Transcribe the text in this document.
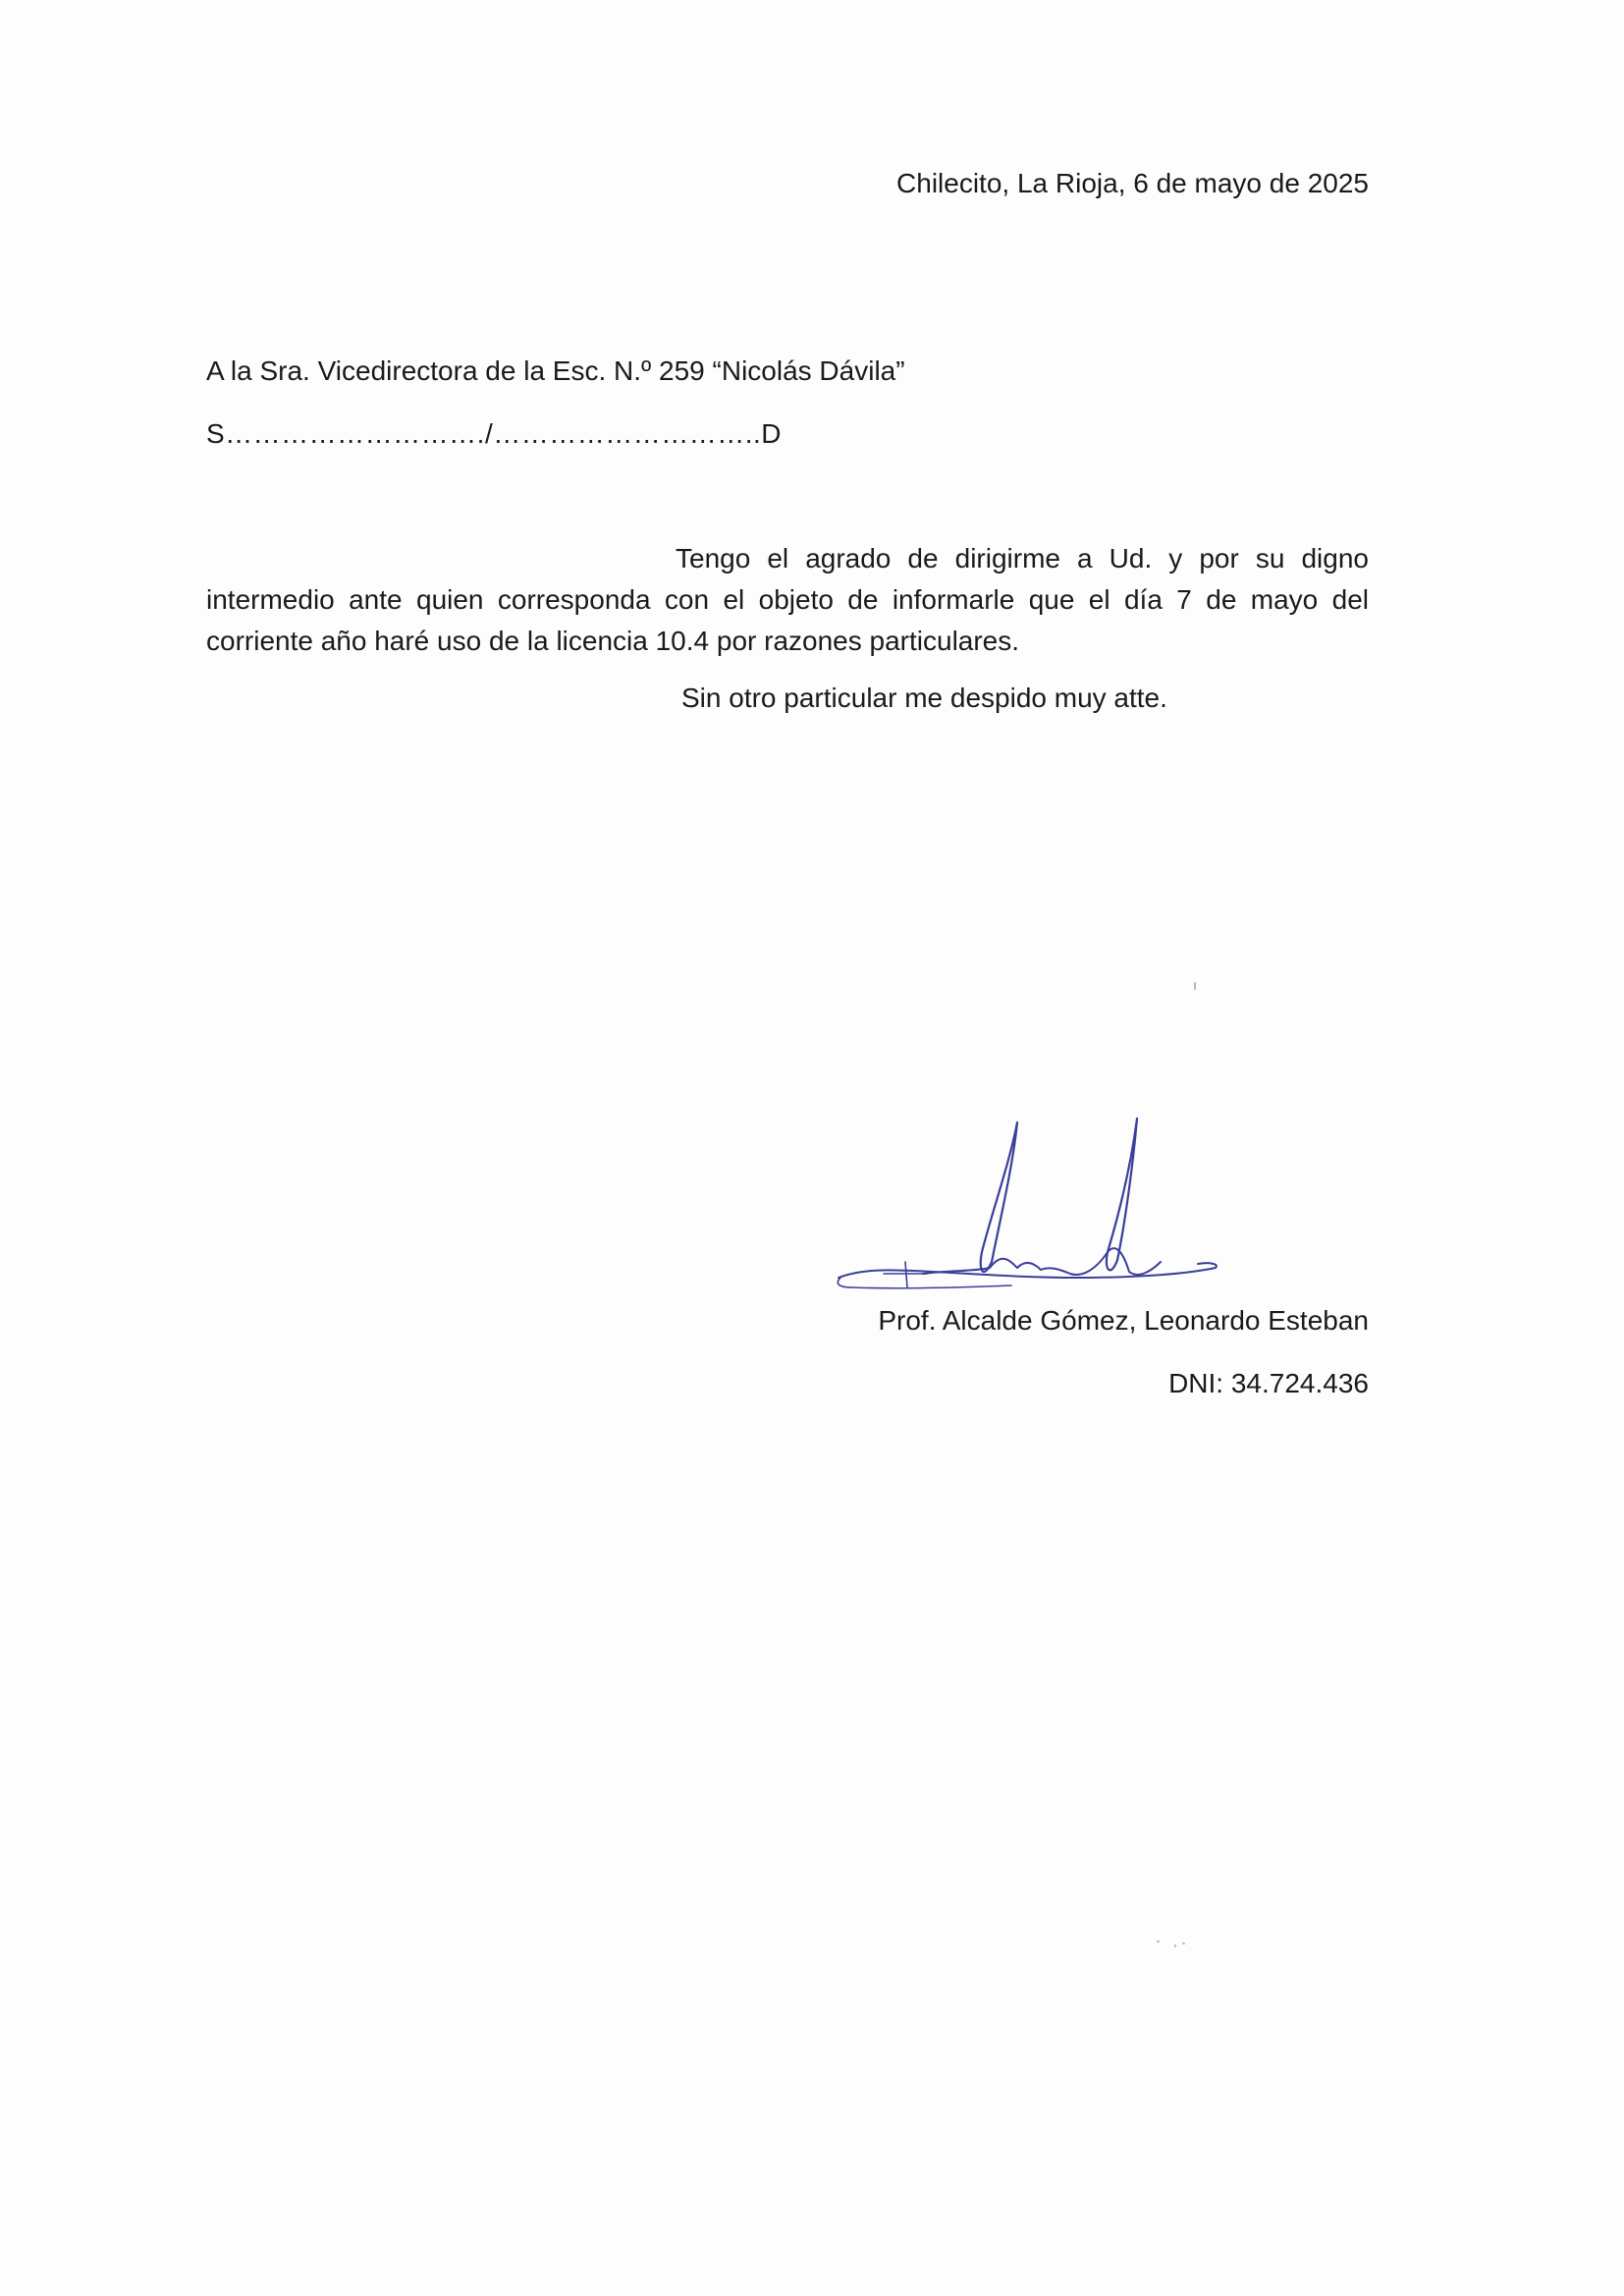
Chilecito, La Rioja, 6 de mayo de 2025
A la Sra. Vicedirectora de la Esc. N.º 259 “Nicolás Dávila”
S………………………./………………………..D
Tengo el agrado de dirigirme a Ud. y por su digno intermedio ante quien corresponda con el objeto de informarle que el día 7 de mayo del corriente año haré uso de la licencia 10.4 por razones particulares.
Sin otro particular me despido muy atte.
Prof. Alcalde Gómez, Leonardo Esteban
DNI: 34.724.436
